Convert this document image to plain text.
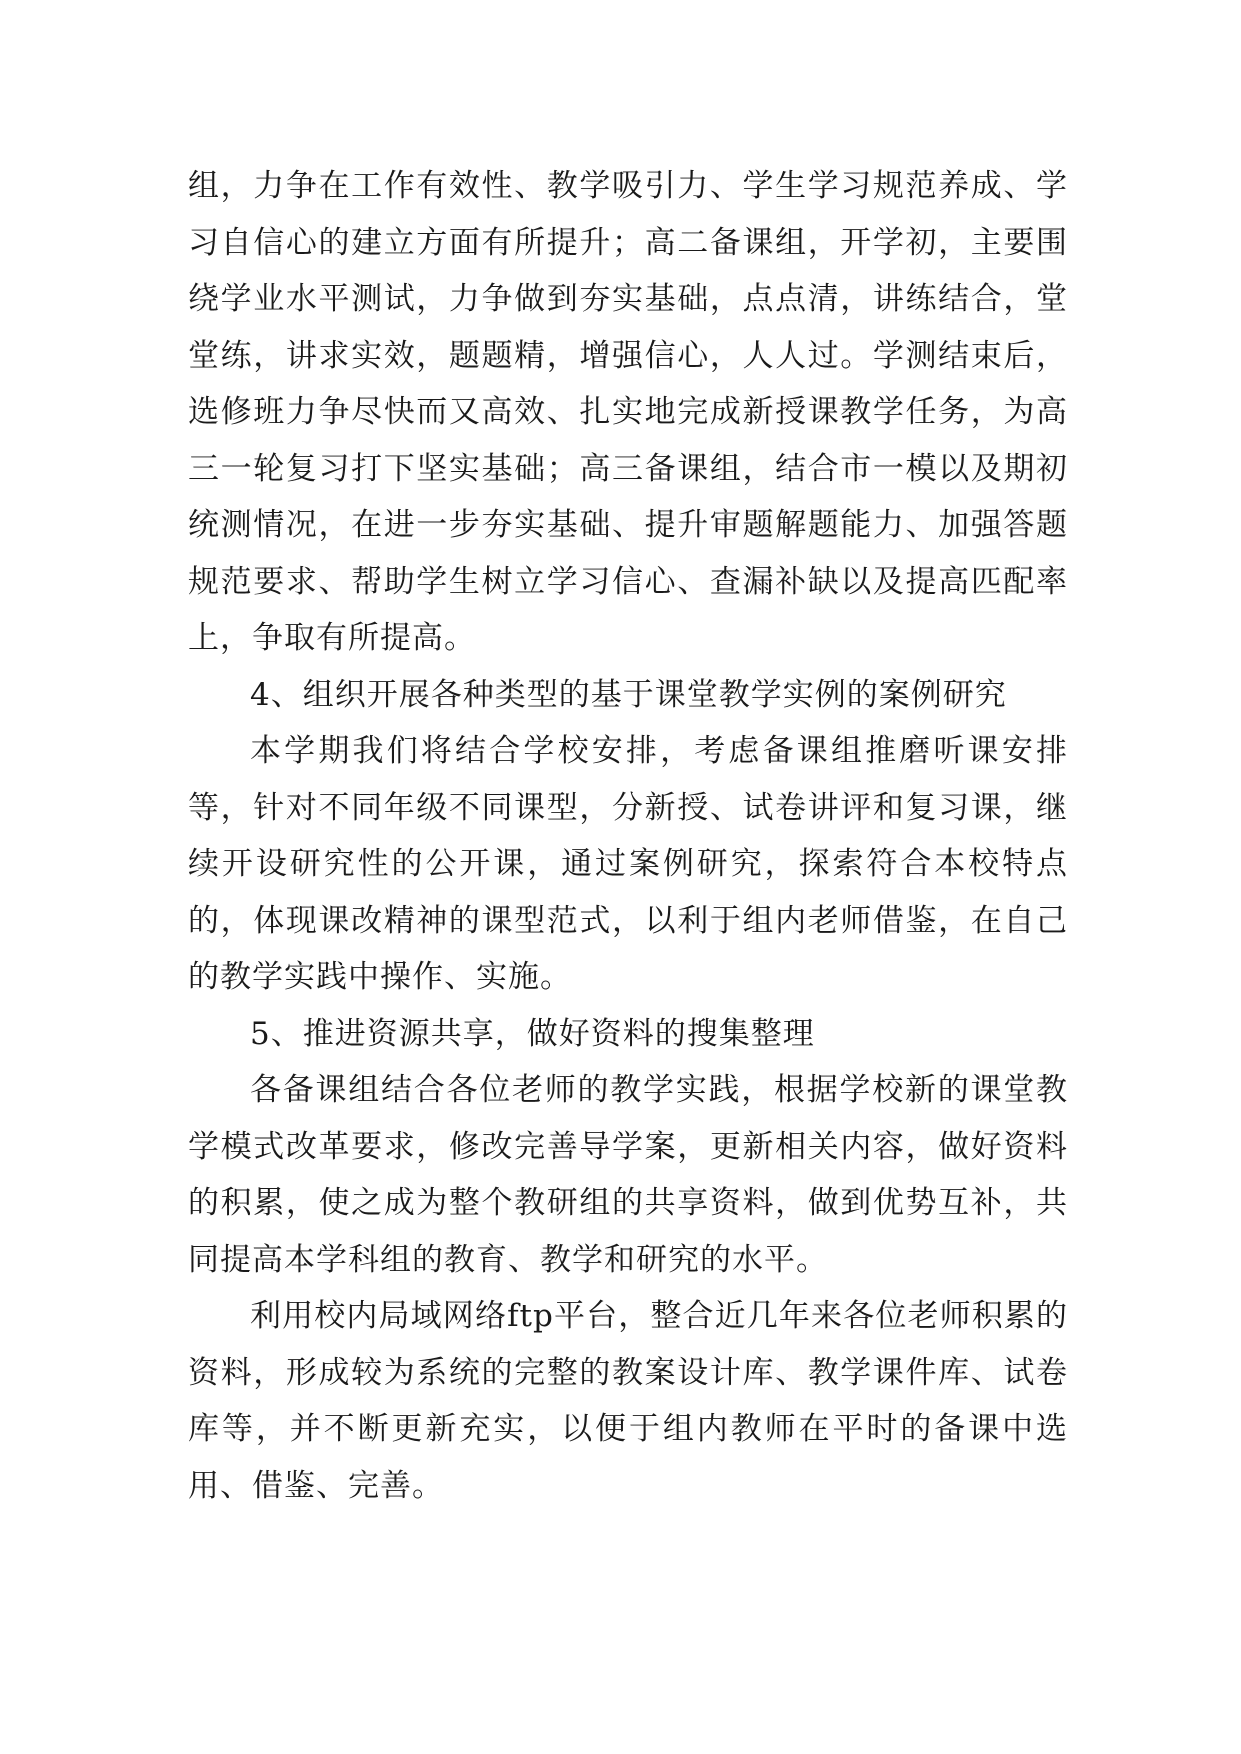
组，力争在工作有效性、教学吸引力、学生学习规范养成、学习自信心的建立方面有所提升；高二备课组，开学初，主要围绕学业水平测试，力争做到夯实基础，点点清，讲练结合，堂堂练，讲求实效，题题精，增强信心，人人过。学测结束后，选修班力争尽快而又高效、扎实地完成新授课教学任务，为高三一轮复习打下坚实基础；高三备课组，结合市一模以及期初统测情况，在进一步夯实基础、提升审题解题能力、加强答题规范要求、帮助学生树立学习信心、查漏补缺以及提高匹配率上，争取有所提高。

4、组织开展各种类型的基于课堂教学实例的案例研究

本学期我们将结合学校安排，考虑备课组推磨听课安排等，针对不同年级不同课型，分新授、试卷讲评和复习课，继续开设研究性的公开课，通过案例研究，探索符合本校特点的，体现课改精神的课型范式，以利于组内老师借鉴，在自己的教学实践中操作、实施。

5、推进资源共享，做好资料的搜集整理

各备课组结合各位老师的教学实践，根据学校新的课堂教学模式改革要求，修改完善导学案，更新相关内容，做好资料的积累，使之成为整个教研组的共享资料，做到优势互补，共同提高本学科组的教育、教学和研究的水平。

利用校内局域网络ftp平台，整合近几年来各位老师积累的资料，形成较为系统的完整的教案设计库、教学课件库、试卷库等，并不断更新充实，以便于组内教师在平时的备课中选用、借鉴、完善。
